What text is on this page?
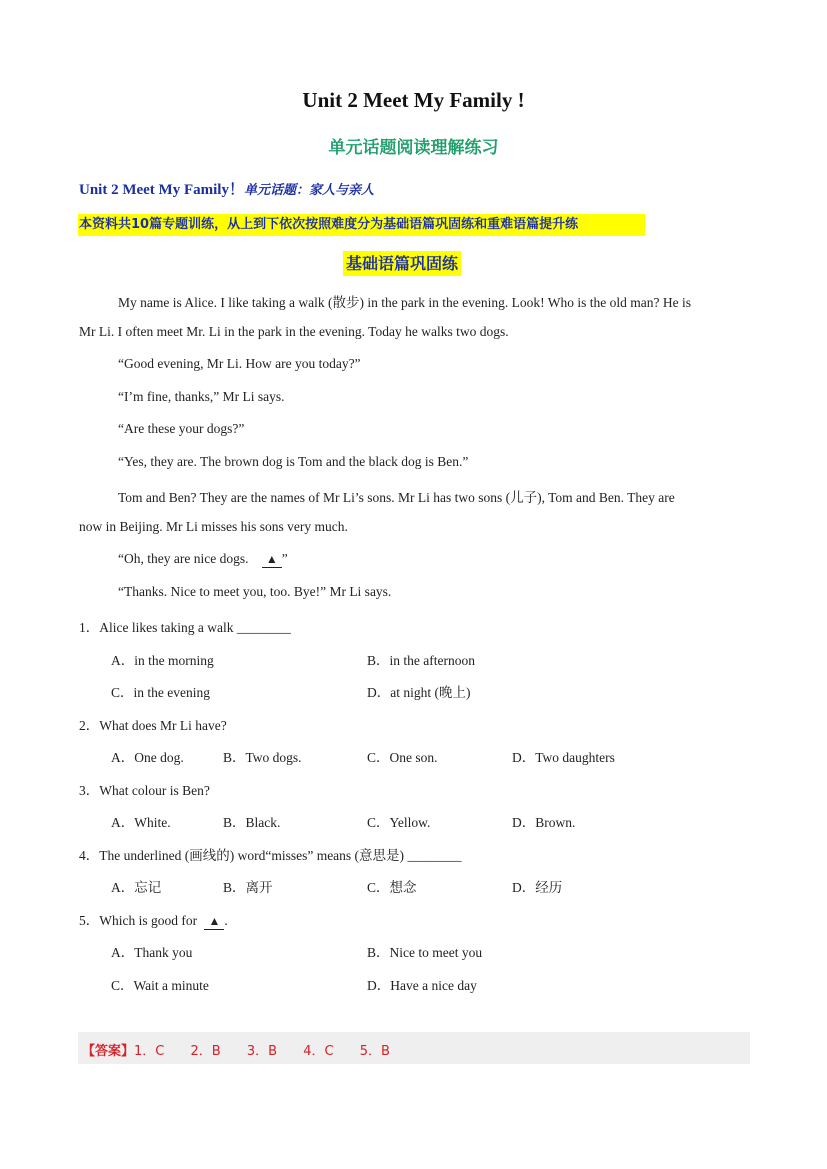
Unit 2 Meet My Family !
单元话题阅读理解练习
Unit 2 Meet My Family！单元话题：家人与亲人
本资料共10篇专题训练，从上到下依次按照难度分为基础语篇巩固练和重难语篇提升练
基础语篇巩固练
My name is Alice. I like taking a walk (散步) in the park in the evening. Look! Who is the old man? He is
Mr Li. I often meet Mr. Li in the park in the evening. Today he walks two dogs.
“Good evening, Mr Li. How are you today?”
“I’m fine, thanks,” Mr Li says.
“Are these your dogs?”
“Yes, they are. The brown dog is Tom and the black dog is Ben.”
Tom and Ben? They are the names of Mr Li’s sons. Mr Li has two sons (儿子), Tom and Ben. They are
now in Beijing. Mr Li misses his sons very much.
“Oh, they are nice dogs. ▲ ”
“Thanks. Nice to meet you, too. Bye!” Mr Li says.
1．Alice likes taking a walk ________
A．in the morning	B．in the afternoon
C．in the evening	D．at night (晚上)
2．What does Mr Li have?
A．One dog.	B．Two dogs.	C．One son.	D．Two daughters
3．What colour is Ben?
A．White.	B．Black.	C．Yellow.	D．Brown.
4．The underlined (画线的) word“misses” means (意思是) ________
A．忘记	B．离开	C．想念	D．经历
5．Which is good for ▲ .
A．Thank you	B．Nice to meet you
C．Wait a minute	D．Have a nice day
【答案】1．C 2．B 3．B 4．C 5．B
